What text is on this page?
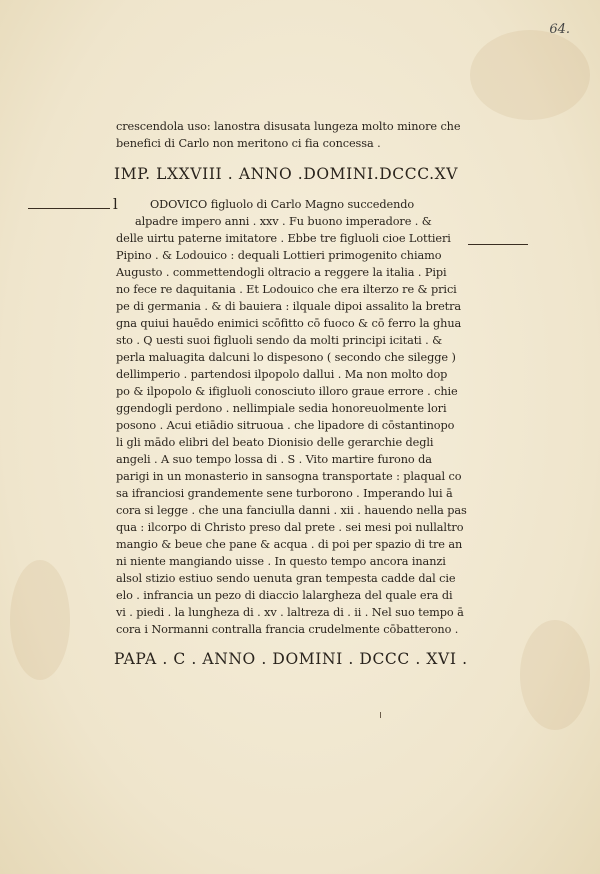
64.
crescendola uso: lanostra disusata lungeza molto minore che
benefici di Carlo non meritono ci fia concessa .
IMP. LXXVIII . ANNO .DOMINI.DCCC.XV
l	ODOVICO figluolo di Carlo Magno succedendo
alpadre impero anni . xxv . Fu buono imperadore . &
delle uirtu paterne imitatore . Ebbe tre figluoli cioe Lottieri
Pipino . & Lodouico : dequali Lottieri primogenito chiamo
Augusto . commettendogli oltracio a reggere la italia . Pipi
no fece re daquitania . Et Lodouico che era ilterzo re & prici
pe di germania . & di bauiera : ilquale dipoi assalito la bretra
gna quiui hauēdo enimici scōfitto cō fuoco & cō ferro la ghua
sto . Q uesti suoi figluoli sendo da molti principi icitati . &
perla maluagita dalcuni lo dispesono ( secondo che silegge )
dellimperio . partendosi ilpopolo dallui . Ma non molto dop
po & ilpopolo & ifigluoli conosciuto illoro graue errore . chie
ggendogli perdono . nellimpiale sedia honoreuolmente lori
posono . Acui etiādio sitruoua . che lipadore di cōstantinopo
li gli mādo elibri del beato Dionisio delle gerarchie degli
angeli . A suo tempo lossa di . S . Vito martire furono da
parigi in un monasterio in sansogna transportate : plaqual co
sa ifranciosi grandemente sene turborono . Imperando lui ā
cora si legge . che una fanciulla danni . xii . hauendo nella pas
qua : ilcorpo di Christo preso dal prete . sei mesi poi nullaltro
mangio & beue che pane & acqua . di poi per spazio di tre an
ni niente mangiando uisse . In questo tempo ancora inanzi
alsol stizio estiuo sendo uenuta gran tempesta cadde dal cie
elo . infrancia un pezo di diaccio lalargheza del quale era di
vi . piedi . la lungheza di . xv . laltreza di . ii . Nel suo tempo ā
cora i Normanni contralla francia crudelmente cōbatterono .
PAPA . C . ANNO . DOMINI . DCCC . XVI .
